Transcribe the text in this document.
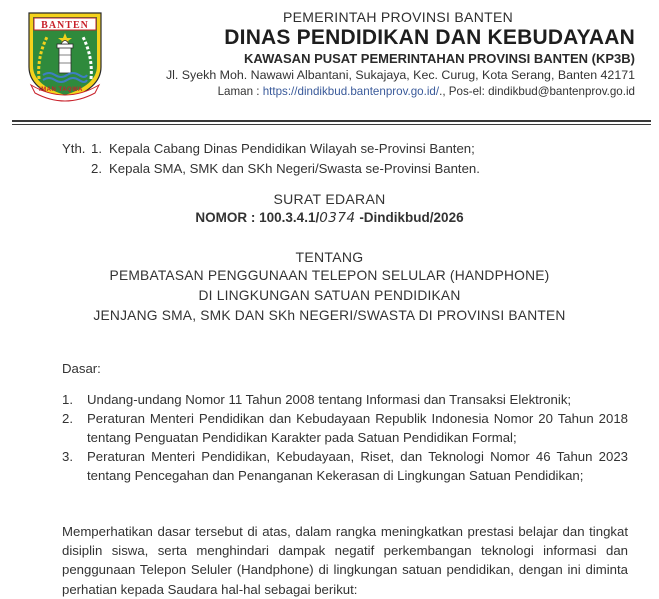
BANTEN
IMAN TAQWA
PEMERINTAH PROVINSI BANTEN
DINAS PENDIDIKAN DAN KEBUDAYAAN
KAWASAN PUSAT PEMERINTAHAN PROVINSI BANTEN (KP3B)
Jl. Syekh Moh. Nawawi Albantani, Sukajaya, Kec. Curug, Kota Serang, Banten 42171
Laman : https://dindikbud.bantenprov.go.id/., Pos-el: dindikbud@bantenprov.go.id
Yth. 1. Kepala Cabang Dinas Pendidikan Wilayah se-Provinsi Banten;
2. Kepala SMA, SMK dan SKh Negeri/Swasta se-Provinsi Banten.
SURAT EDARAN
NOMOR : 100.3.4.1/0374 -Dindikbud/2026
TENTANG
PEMBATASAN PENGGUNAAN TELEPON SELULAR (HANDPHONE)
DI LINGKUNGAN SATUAN PENDIDIKAN
JENJANG SMA, SMK DAN SKh NEGERI/SWASTA DI PROVINSI BANTEN
Dasar:
1.	Undang-undang Nomor 11 Tahun 2008 tentang Informasi dan Transaksi Elektronik;
2.	Peraturan Menteri Pendidikan dan Kebudayaan Republik Indonesia Nomor 20 Tahun 2018 tentang Penguatan Pendidikan Karakter pada Satuan Pendidikan Formal;
3.	Peraturan Menteri Pendidikan, Kebudayaan, Riset, dan Teknologi Nomor 46 Tahun 2023 tentang Pencegahan dan Penanganan Kekerasan di Lingkungan Satuan Pendidikan;
Memperhatikan dasar tersebut di atas, dalam rangka meningkatkan prestasi belajar dan tingkat disiplin siswa, serta menghindari dampak negatif perkembangan teknologi informasi dan penggunaan Telepon Seluler (Handphone) di lingkungan satuan pendidikan, dengan ini diminta perhatian kepada Saudara hal-hal sebagai berikut:
